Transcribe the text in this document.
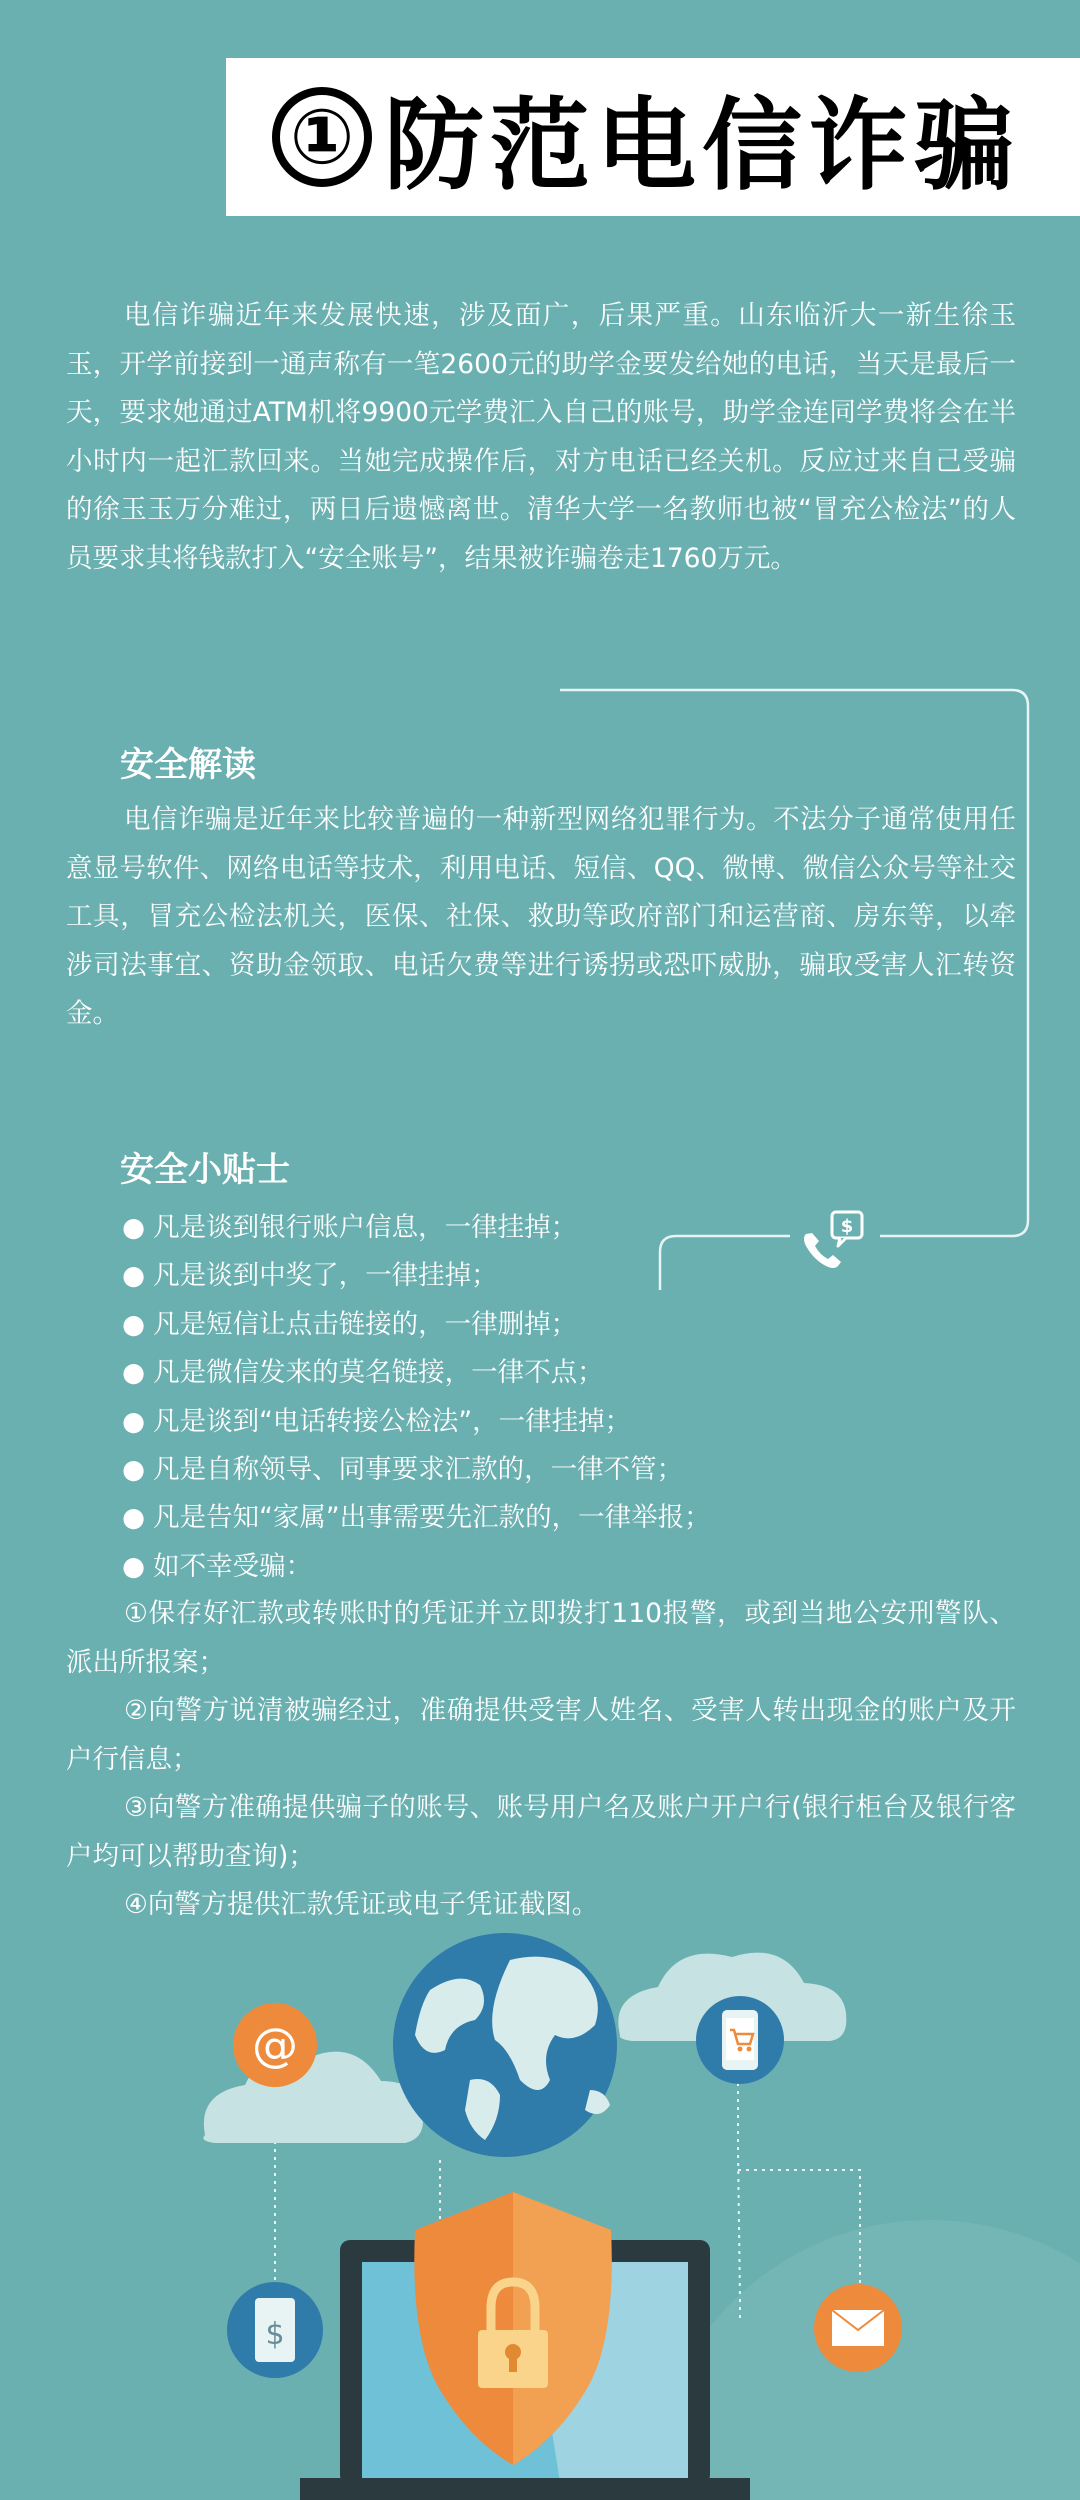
① 防范电信诈骗

电信诈骗近年来发展快速，涉及面广，后果严重。山东临沂大一新生徐玉玉，开学前接到一通声称有一笔2600元的助学金要发给她的电话，当天是最后一天，要求她通过ATM机将9900元学费汇入自己的账号，助学金连同学费将会在半小时内一起汇款回来。当她完成操作后，对方电话已经关机。反应过来自己受骗的徐玉玉万分难过，两日后遗憾离世。清华大学一名教师也被“冒充公检法”的人员要求其将钱款打入“安全账号”，结果被诈骗卷走1760万元。

$
安全解读

电信诈骗是近年来比较普遍的一种新型网络犯罪行为。不法分子通常使用任意显号软件、网络电话等技术，利用电话、短信、QQ、微博、微信公众号等社交工具，冒充公检法机关，医保、社保、救助等政府部门和运营商、房东等，以牵涉司法事宜、资助金领取、电话欠费等进行诱拐或恐吓威胁，骗取受害人汇转资金。

安全小贴士
● 凡是谈到银行账户信息，一律挂掉；
● 凡是谈到中奖了，一律挂掉；
● 凡是短信让点击链接的，一律删掉；
● 凡是微信发来的莫名链接，一律不点；
● 凡是谈到“电话转接公检法”，一律挂掉；
● 凡是自称领导、同事要求汇款的，一律不管；
● 凡是告知“家属”出事需要先汇款的，一律举报；
● 如不幸受骗：

①保存好汇款或转账时的凭证并立即拨打110报警，或到当地公安刑警队、派出所报案；

②向警方说清被骗经过，准确提供受害人姓名、受害人转出现金的账户及开户行信息；

③向警方准确提供骗子的账号、账号用户名及账户开户行(银行柜台及银行客户均可以帮助查询)；

④向警方提供汇款凭证或电子凭证截图。

@
$
